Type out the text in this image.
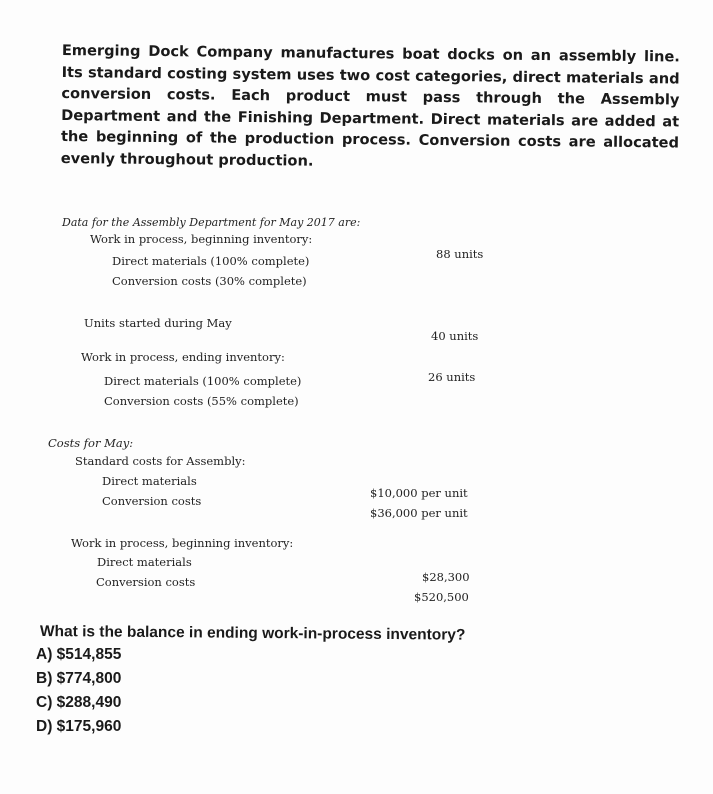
Emerging Dock Company manufactures boat docks on an assembly line. Its standard costing system uses two cost categories, direct materials and conversion costs. Each product must pass through the Assembly Department and the Finishing Department. Direct materials are added at the beginning of the production process. Conversion costs are allocated evenly throughout production.
Data for the Assembly Department for May 2017 are:
Work in process, beginning inventory:
88 units
Direct materials (100% complete)
Conversion costs (30% complete)
Units started during May
40 units
Work in process, ending inventory:
26 units
Direct materials (100% complete)
Conversion costs (55% complete)
Costs for May:
Standard costs for Assembly:
Direct materials
Conversion costs
$10,000 per unit
$36,000 per unit
Work in process, beginning inventory:
Direct materials
Conversion costs	$28,300
$520,500
What is the balance in ending work-in-process inventory?
A) $514,855
B) $774,800
C) $288,490
D) $175,960
